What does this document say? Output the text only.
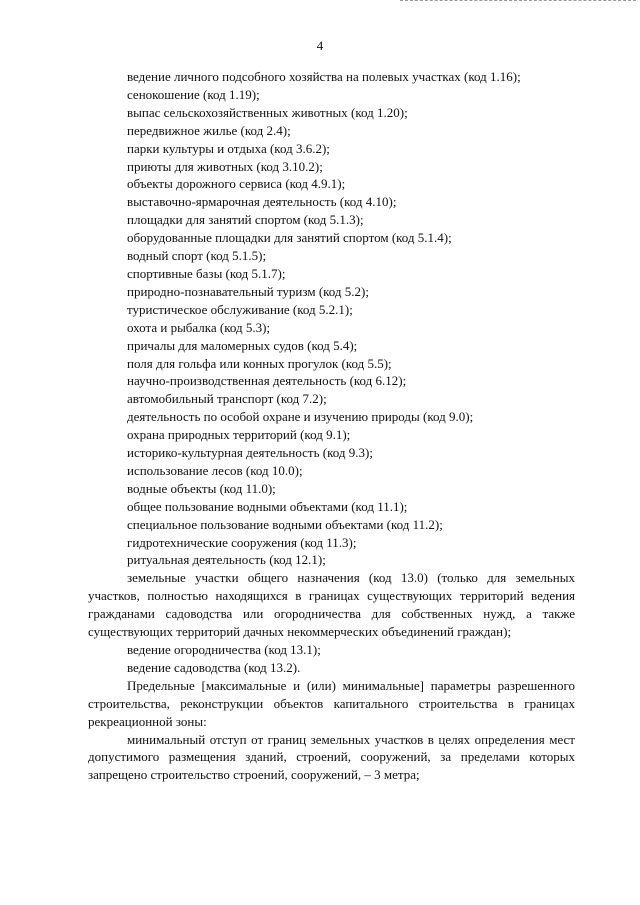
4
ведение личного подсобного хозяйства на полевых участках (код 1.16);
сенокошение (код 1.19);
выпас сельскохозяйственных животных (код 1.20);
передвижное жилье (код 2.4);
парки культуры и отдыха (код 3.6.2);
приюты для животных (код 3.10.2);
объекты дорожного сервиса (код 4.9.1);
выставочно-ярмарочная деятельность (код 4.10);
площадки для занятий спортом (код 5.1.3);
оборудованные площадки для занятий спортом (код 5.1.4);
водный спорт (код 5.1.5);
спортивные базы (код 5.1.7);
природно-познавательный туризм (код 5.2);
туристическое обслуживание (код 5.2.1);
охота и рыбалка (код 5.3);
причалы для маломерных судов (код 5.4);
поля для гольфа или конных прогулок (код 5.5);
научно-производственная деятельность (код 6.12);
автомобильный транспорт (код 7.2);
деятельность по особой охране и изучению природы (код 9.0);
охрана природных территорий (код 9.1);
историко-культурная деятельность (код 9.3);
использование лесов (код 10.0);
водные объекты (код 11.0);
общее пользование водными объектами (код 11.1);
специальное пользование водными объектами (код 11.2);
гидротехнические сооружения (код 11.3);
ритуальная деятельность (код 12.1);
земельные участки общего назначения (код 13.0) (только для земельных участков, полностью находящихся в границах существующих территорий ведения гражданами садоводства или огородничества для собственных нужд, а также существующих территорий дачных некоммерческих объединений граждан);
ведение огородничества (код 13.1);
ведение садоводства (код 13.2).
Предельные [максимальные и (или) минимальные] параметры разрешенного строительства, реконструкции объектов капитального строительства в границах рекреационной зоны:
минимальный отступ от границ земельных участков в целях определения мест допустимого размещения зданий, строений, сооружений, за пределами которых запрещено строительство строений, сооружений, – 3 метра;
